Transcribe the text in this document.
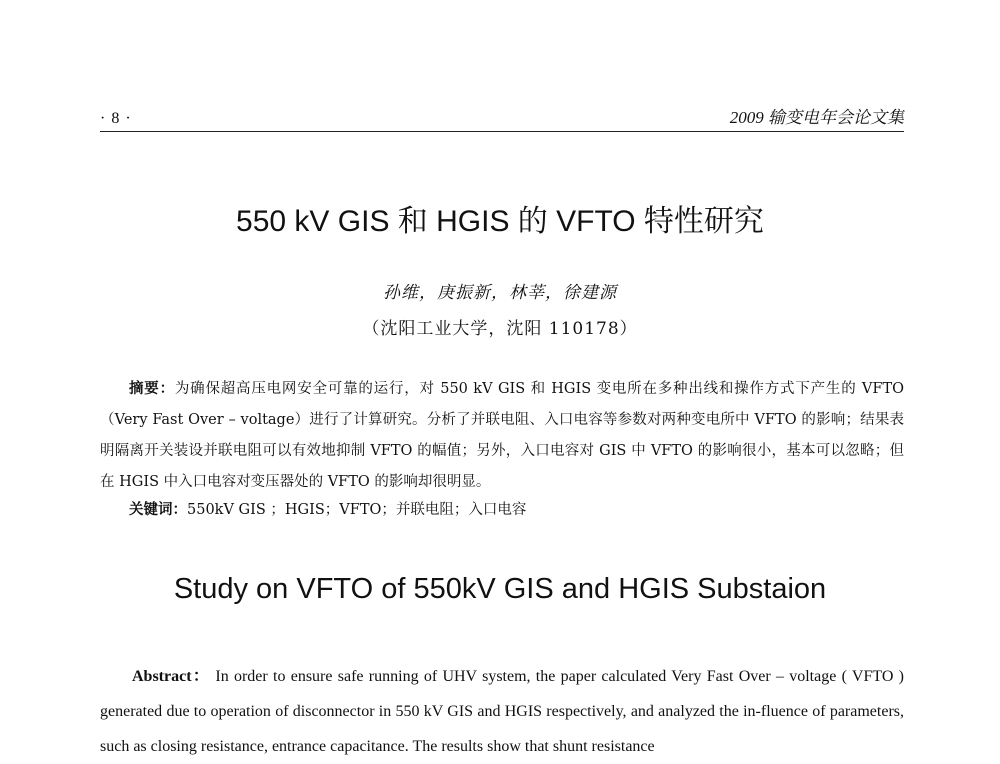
· 8 ·	2009 输变电年会论文集
550 kV GIS 和 HGIS 的 VFTO 特性研究
孙维，庚振新，林莘，徐建源
（沈阳工业大学，沈阳 110178）

摘要：为确保超高压电网安全可靠的运行，对 550 kV GIS 和 HGIS 变电所在多种出线和操作方式下产生的 VFTO（Very Fast Over – voltage）进行了计算研究。分析了并联电阻、入口电容等参数对两种变电所中 VFTO 的影响；结果表明隔离开关装设并联电阻可以有效地抑制 VFTO 的幅值；另外，入口电容对 GIS 中 VFTO 的影响很小，基本可以忽略；但在 HGIS 中入口电容对变压器处的 VFTO 的影响却很明显。

关键词：550kV GIS ；HGIS；VFTO；并联电阻；入口电容

Study on VFTO of 550kV GIS and HGIS Substaion

Abstract： In order to ensure safe running of UHV system, the paper calculated Very Fast Over – voltage ( VFTO ) generated due to operation of disconnector in 550 kV GIS and HGIS respectively, and analyzed the in-fluence of parameters, such as closing resistance, entrance capacitance. The results show that shunt resistance
